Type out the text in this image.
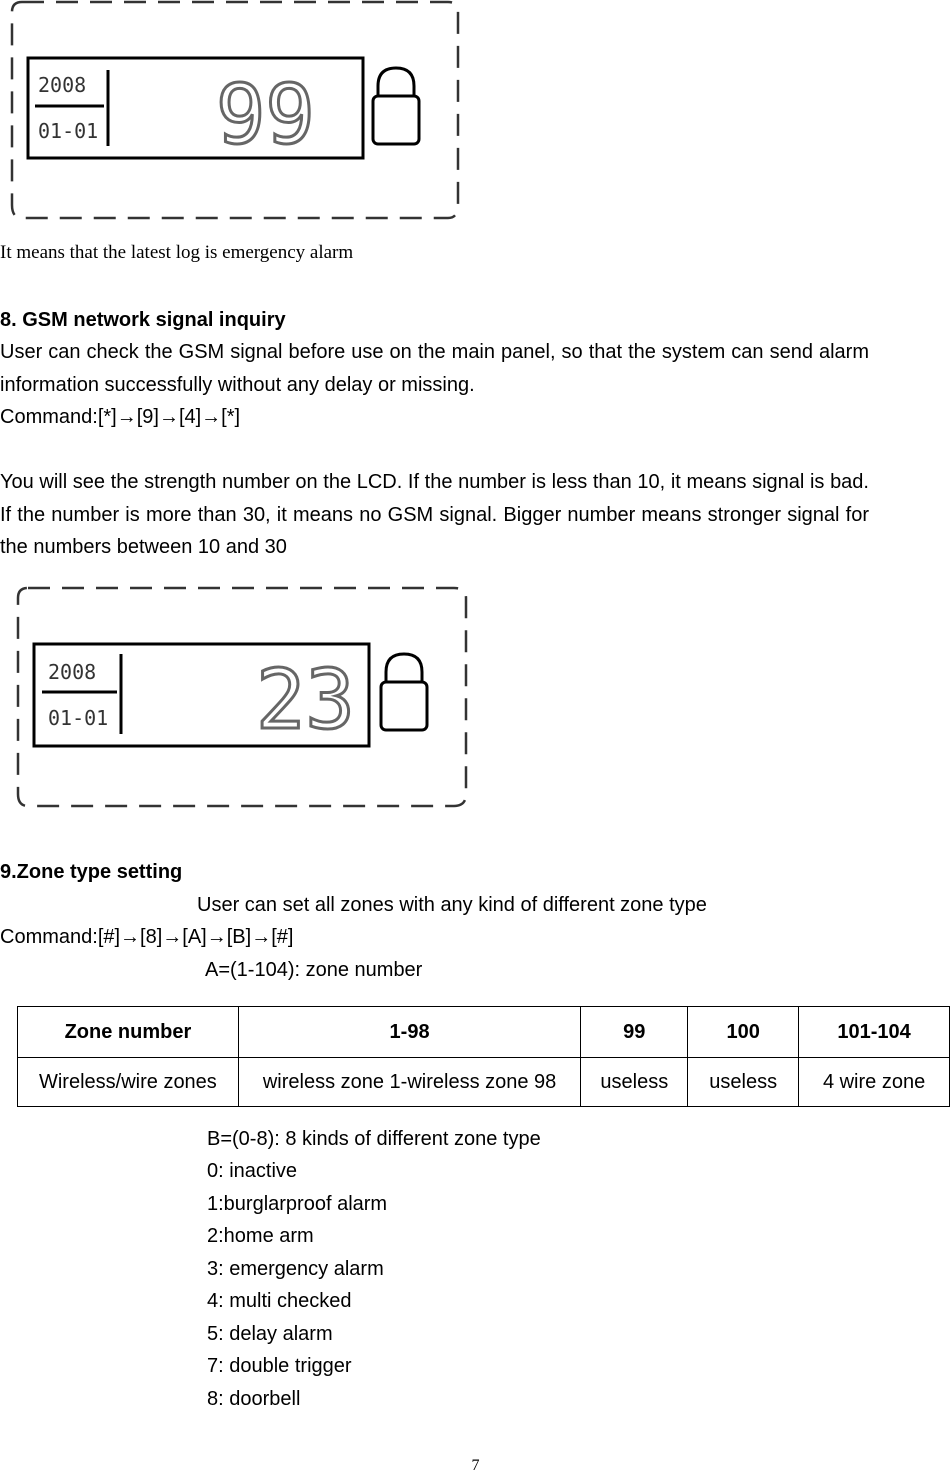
2008
01-01 99
It means that the latest log is emergency alarm
8. GSM network signal inquiry
User can check the GSM signal before use on the main panel, so that the system can send alarm information successfully without any delay or missing.
Command:[*]→[9]→[4]→[*]
You will see the strength number on the LCD. If the number is less than 10, it means signal is bad. If the number is more than 30, it means no GSM signal. Bigger number means stronger signal for the numbers between 10 and 30
2008
01-01 23
9.Zone type setting
User can set all zones with any kind of different zone type
Command:[#]→[8]→[A]→[B]→[#]
A=(1-104): zone number
Zone number	1-98	99	100	101-104
Wireless/wire zones	wireless zone 1-wireless zone 98	useless	useless	4 wire zone
B=(0-8): 8 kinds of different zone type
0: inactive
1:burglarproof alarm
2:home arm
3: emergency alarm
4: multi checked
5: delay alarm
7: double trigger
8: doorbell
7
